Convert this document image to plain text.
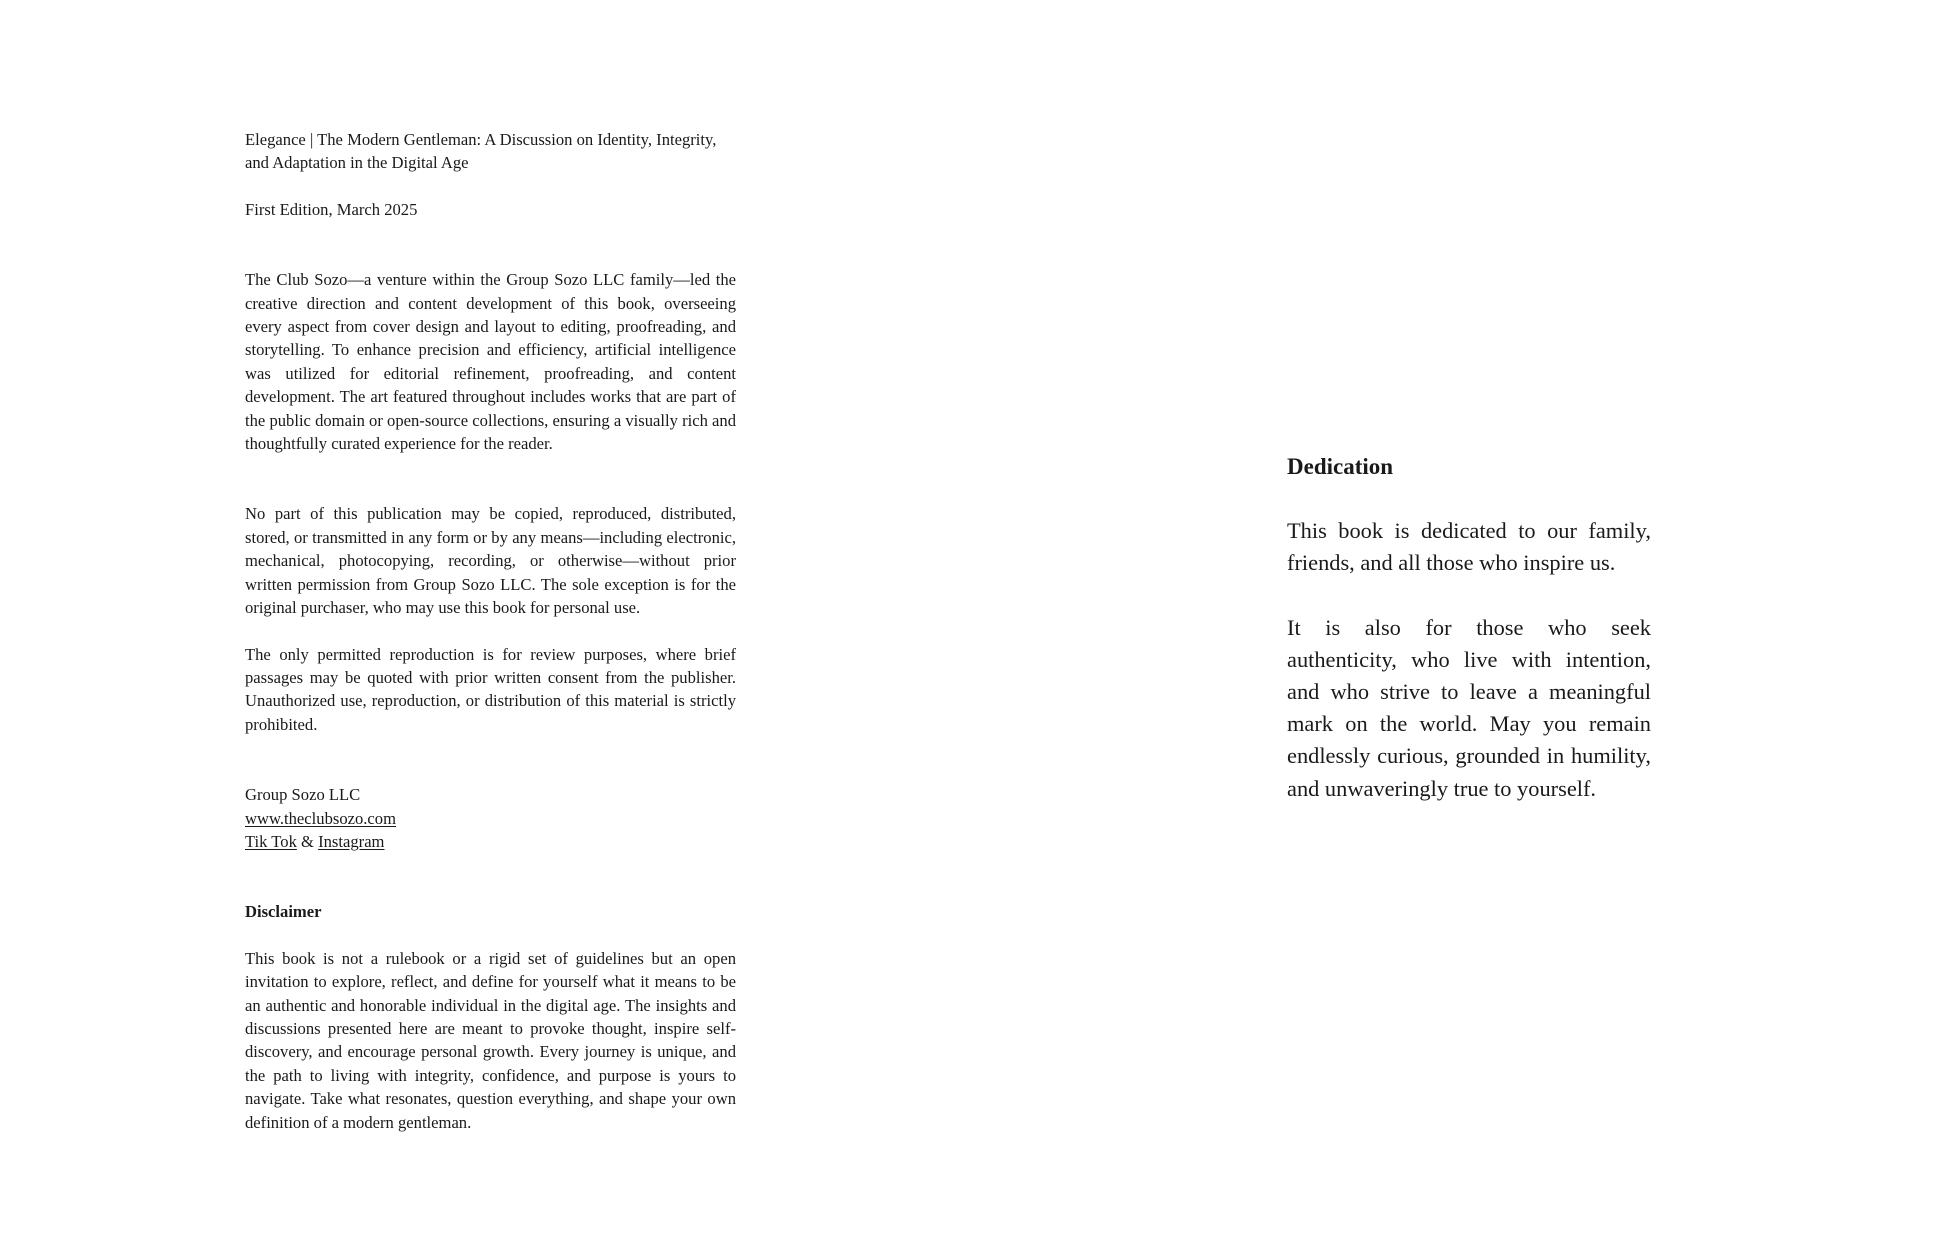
Elegance | The Modern Gentleman: A Discussion on Identity, Integrity, and Adaptation in the Digital Age

First Edition, March 2025

The Club Sozo—a venture within the Group Sozo LLC family—led the creative direction and content development of this book, overseeing every aspect from cover design and layout to editing, proofreading, and storytelling. To enhance precision and efficiency, artificial intelligence was utilized for editorial refinement, proofreading, and content development. The art featured throughout includes works that are part of the public domain or open-source collections, ensuring a visually rich and thoughtfully curated experience for the reader.

No part of this publication may be copied, reproduced, distributed, stored, or transmitted in any form or by any means—including electronic, mechanical, photocopying, recording, or otherwise—without prior written permission from Group Sozo LLC. The sole exception is for the original purchaser, who may use this book for personal use.

The only permitted reproduction is for review purposes, where brief passages may be quoted with prior written consent from the publisher. Unauthorized use, reproduction, or distribution of this material is strictly prohibited.

Group Sozo LLC
www.theclubsozo.com
Tik Tok & Instagram

Disclaimer

This book is not a rulebook or a rigid set of guidelines but an open invitation to explore, reflect, and define for yourself what it means to be an authentic and honorable individual in the digital age. The insights and discussions presented here are meant to provoke thought, inspire self-discovery, and encourage personal growth. Every journey is unique, and the path to living with integrity, confidence, and purpose is yours to navigate. Take what resonates, question everything, and shape your own definition of a modern gentleman.

Dedication

This book is dedicated to our family, friends, and all those who inspire us.

It is also for those who seek authenticity, who live with intention, and who strive to leave a meaningful mark on the world. May you remain endlessly curious, grounded in humility, and unwaveringly true to yourself.
